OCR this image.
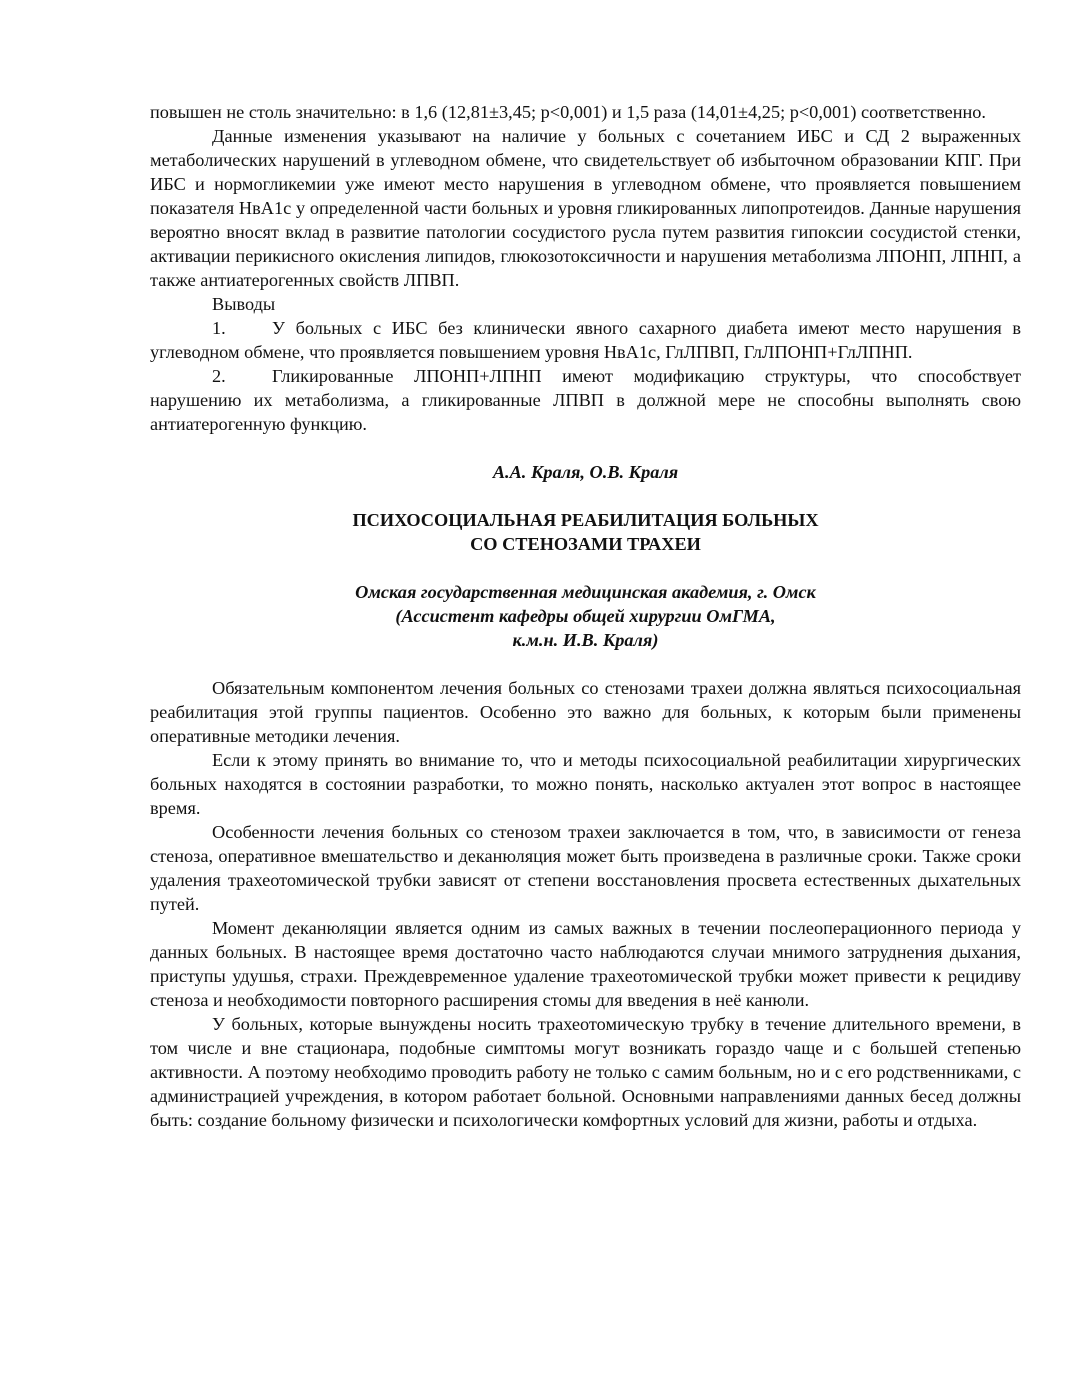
повышен не столь значительно: в 1,6 (12,81±3,45; р<0,001) и 1,5 раза (14,01±4,25; р<0,001) соответственно.

Данные изменения указывают на наличие у больных с сочетанием ИБС и СД 2 выраженных метаболических нарушений в углеводном обмене, что свидетельствует об избыточном образовании КПГ. При ИБС и нормогликемии уже имеют место нарушения в углеводном обмене, что проявляется повышением показателя НвА1с у определенной части больных и уровня гликированных липопротеидов. Данные нарушения вероятно вносят вклад в развитие патологии сосудистого русла путем развития гипоксии сосудистой стенки, активации перикисного окисления липидов, глюкозотоксичности и нарушения метаболизма ЛПОНП, ЛПНП, а также антиатерогенных свойств ЛПВП.

Выводы

1.	У больных с ИБС без клинически явного сахарного диабета имеют место нарушения в углеводном обмене, что проявляется повышением уровня НвА1с, ГлЛПВП, ГлЛПОНП+ГлЛПНП.

2.	Гликированные ЛПОНП+ЛПНП имеют модификацию структуры, что способствует нарушению их метаболизма, а гликированные ЛПВП в должной мере не способны выполнять свою антиатерогенную функцию.

А.А. Краля, О.В. Краля

ПСИХОСОЦИАЛЬНАЯ РЕАБИЛИТАЦИЯ БОЛЬНЫХ
СО СТЕНОЗАМИ ТРАХЕИ
Омская государственная медицинская академия, г. Омск
(Ассистент кафедры общей хирургии ОмГМА,
к.м.н. И.В. Краля)

Обязательным компонентом лечения больных со стенозами трахеи должна являться психосоциальная реабилитация этой группы пациентов. Особенно это важно для больных, к которым были применены оперативные методики лечения.

Если к этому принять во внимание то, что и методы психосоциальной реабилитации хирургических больных находятся в состоянии разработки, то можно понять, насколько актуален этот вопрос в настоящее время.

Особенности лечения больных со стенозом трахеи заключается в том, что, в зависимости от генеза стеноза, оперативное вмешательство и деканюляция может быть произведена в различные сроки. Также сроки удаления трахеотомической трубки зависят от степени восстановления просвета естественных дыхательных путей.

Момент деканюляции является одним из самых важных в течении послеоперационного периода у данных больных. В настоящее время достаточно часто наблюдаются случаи мнимого затруднения дыхания, приступы удушья, страхи. Преждевременное удаление трахеотомической трубки может привести к рецидиву стеноза и необходимости повторного расширения стомы для введения в неё канюли.

У больных, которые вынуждены носить трахеотомическую трубку в течение длительного времени, в том числе и вне стационара, подобные симптомы могут возникать гораздо чаще и с большей степенью активности. А поэтому необходимо проводить работу не только с самим больным, но и с его родственниками, с администрацией учреждения, в котором работает больной. Основными направлениями данных бесед должны быть: создание больному физически и психологически комфортных условий для жизни, работы и отдыха.
